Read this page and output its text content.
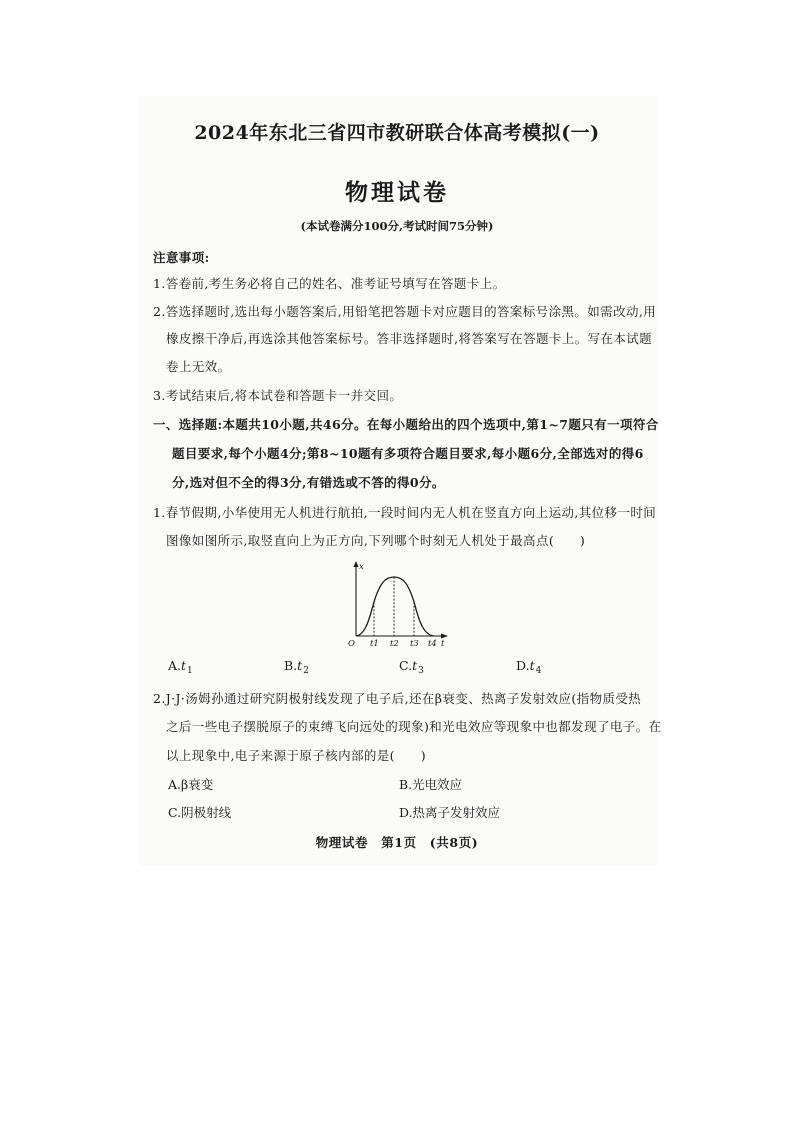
2024年东北三省四市教研联合体高考模拟(一)
物理试卷
(本试卷满分100分,考试时间75分钟)
注意事项:
1.答卷前,考生务必将自己的姓名、准考证号填写在答题卡上。
2.答选择题时,选出每小题答案后,用铅笔把答题卡对应题目的答案标号涂黑。如需改动,用
橡皮擦干净后,再选涂其他答案标号。答非选择题时,将答案写在答题卡上。写在本试题
卷上无效。
3.考试结束后,将本试卷和答题卡一并交回。
一、选择题:本题共10小题,共46分。在每小题给出的四个选项中,第1~7题只有一项符合
题目要求,每个小题4分;第8~10题有多项符合题目要求,每小题6分,全部选对的得6
分,选对但不全的得3分,有错选或不答的得0分。
1.春节假期,小华使用无人机进行航拍,一段时间内无人机在竖直方向上运动,其位移一时间
图像如图所示,取竖直向上为正方向,下列哪个时刻无人机处于最高点(　　)
x
O t1 t2 t3 t4 t
$A.t_1$	$B.t_2$	$C.t_3$	$D.t_4$
2.J·J·汤姆孙通过研究阴极射线发现了电子后,还在β衰变、热离子发射效应(指物质受热
之后一些电子摆脱原子的束缚飞向远处的现象)和光电效应等现象中也都发现了电子。在
以上现象中,电子来源于原子核内部的是(　　)
A.β衰变	B.光电效应
C.阴极射线	D.热离子发射效应
物理试卷　第1页　(共8页)
